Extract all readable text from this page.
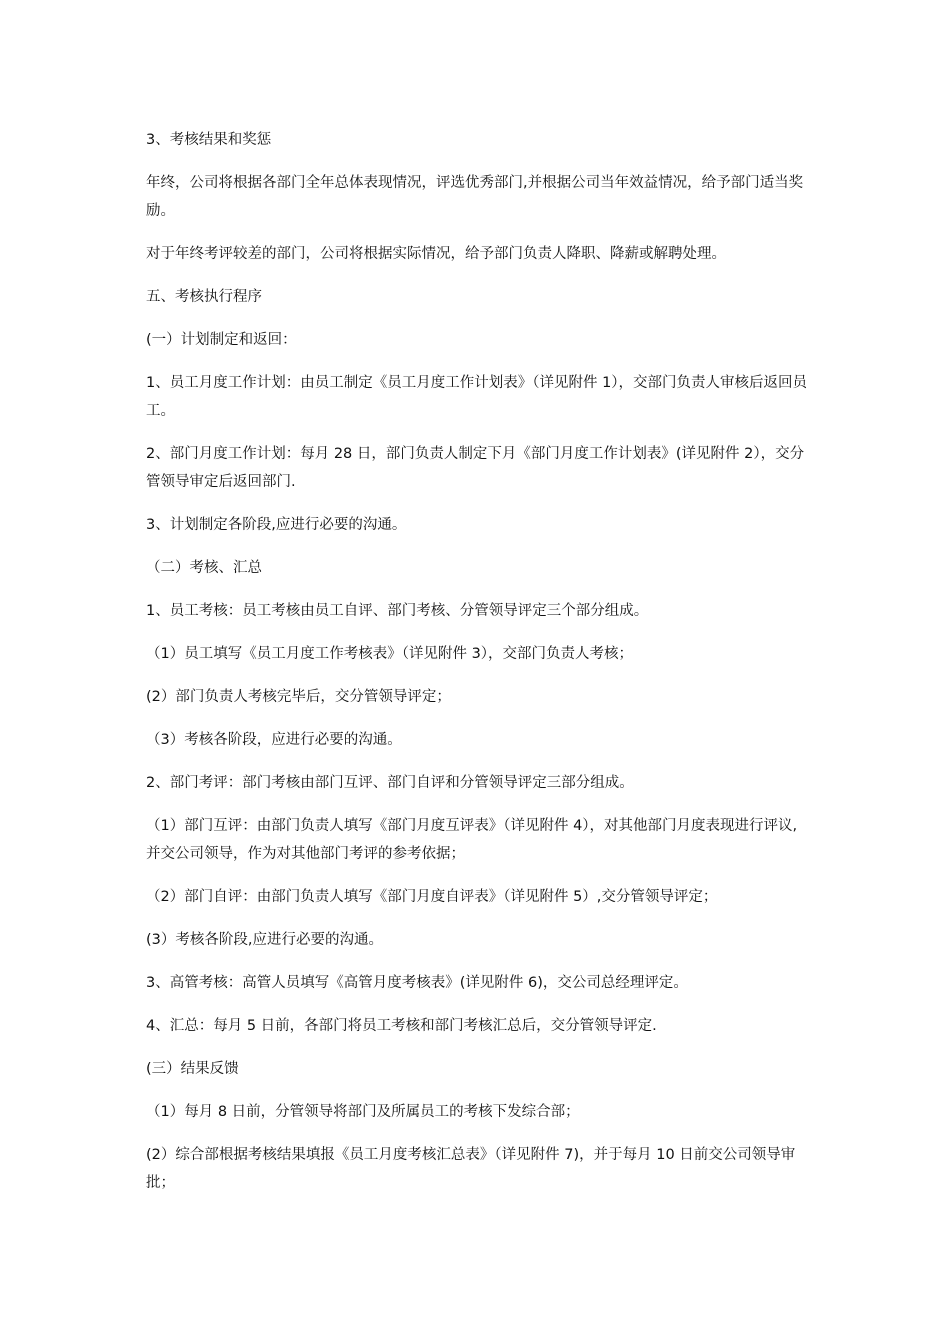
3、考核结果和奖惩

年终，公司将根据各部门全年总体表现情况，评选优秀部门,并根据公司当年效益情况，给予部门适当奖励。

对于年终考评较差的部门，公司将根据实际情况，给予部门负责人降职、降薪或解聘处理。

五、考核执行程序

(一）计划制定和返回：

1、员工月度工作计划：由员工制定《员工月度工作计划表》（详见附件 1），交部门负责人审核后返回员工。

2、部门月度工作计划：每月 28 日，部门负责人制定下月《部门月度工作计划表》(详见附件 2），交分管领导审定后返回部门.

3、计划制定各阶段,应进行必要的沟通。

（二）考核、汇总

1、员工考核：员工考核由员工自评、部门考核、分管领导评定三个部分组成。

（1）员工填写《员工月度工作考核表》（详见附件 3），交部门负责人考核；

(2）部门负责人考核完毕后，交分管领导评定；

（3）考核各阶段，应进行必要的沟通。

2、部门考评：部门考核由部门互评、部门自评和分管领导评定三部分组成。

（1）部门互评：由部门负责人填写《部门月度互评表》（详见附件 4），对其他部门月度表现进行评议,并交公司领导，作为对其他部门考评的参考依据；

（2）部门自评：由部门负责人填写《部门月度自评表》（详见附件 5）,交分管领导评定；

(3）考核各阶段,应进行必要的沟通。

3、高管考核：高管人员填写《高管月度考核表》(详见附件 6)，交公司总经理评定。

4、汇总：每月 5 日前，各部门将员工考核和部门考核汇总后，交分管领导评定.

(三）结果反馈

（1）每月 8 日前，分管领导将部门及所属员工的考核下发综合部；

(2）综合部根据考核结果填报《员工月度考核汇总表》（详见附件 7)，并于每月 10 日前交公司领导审批；
